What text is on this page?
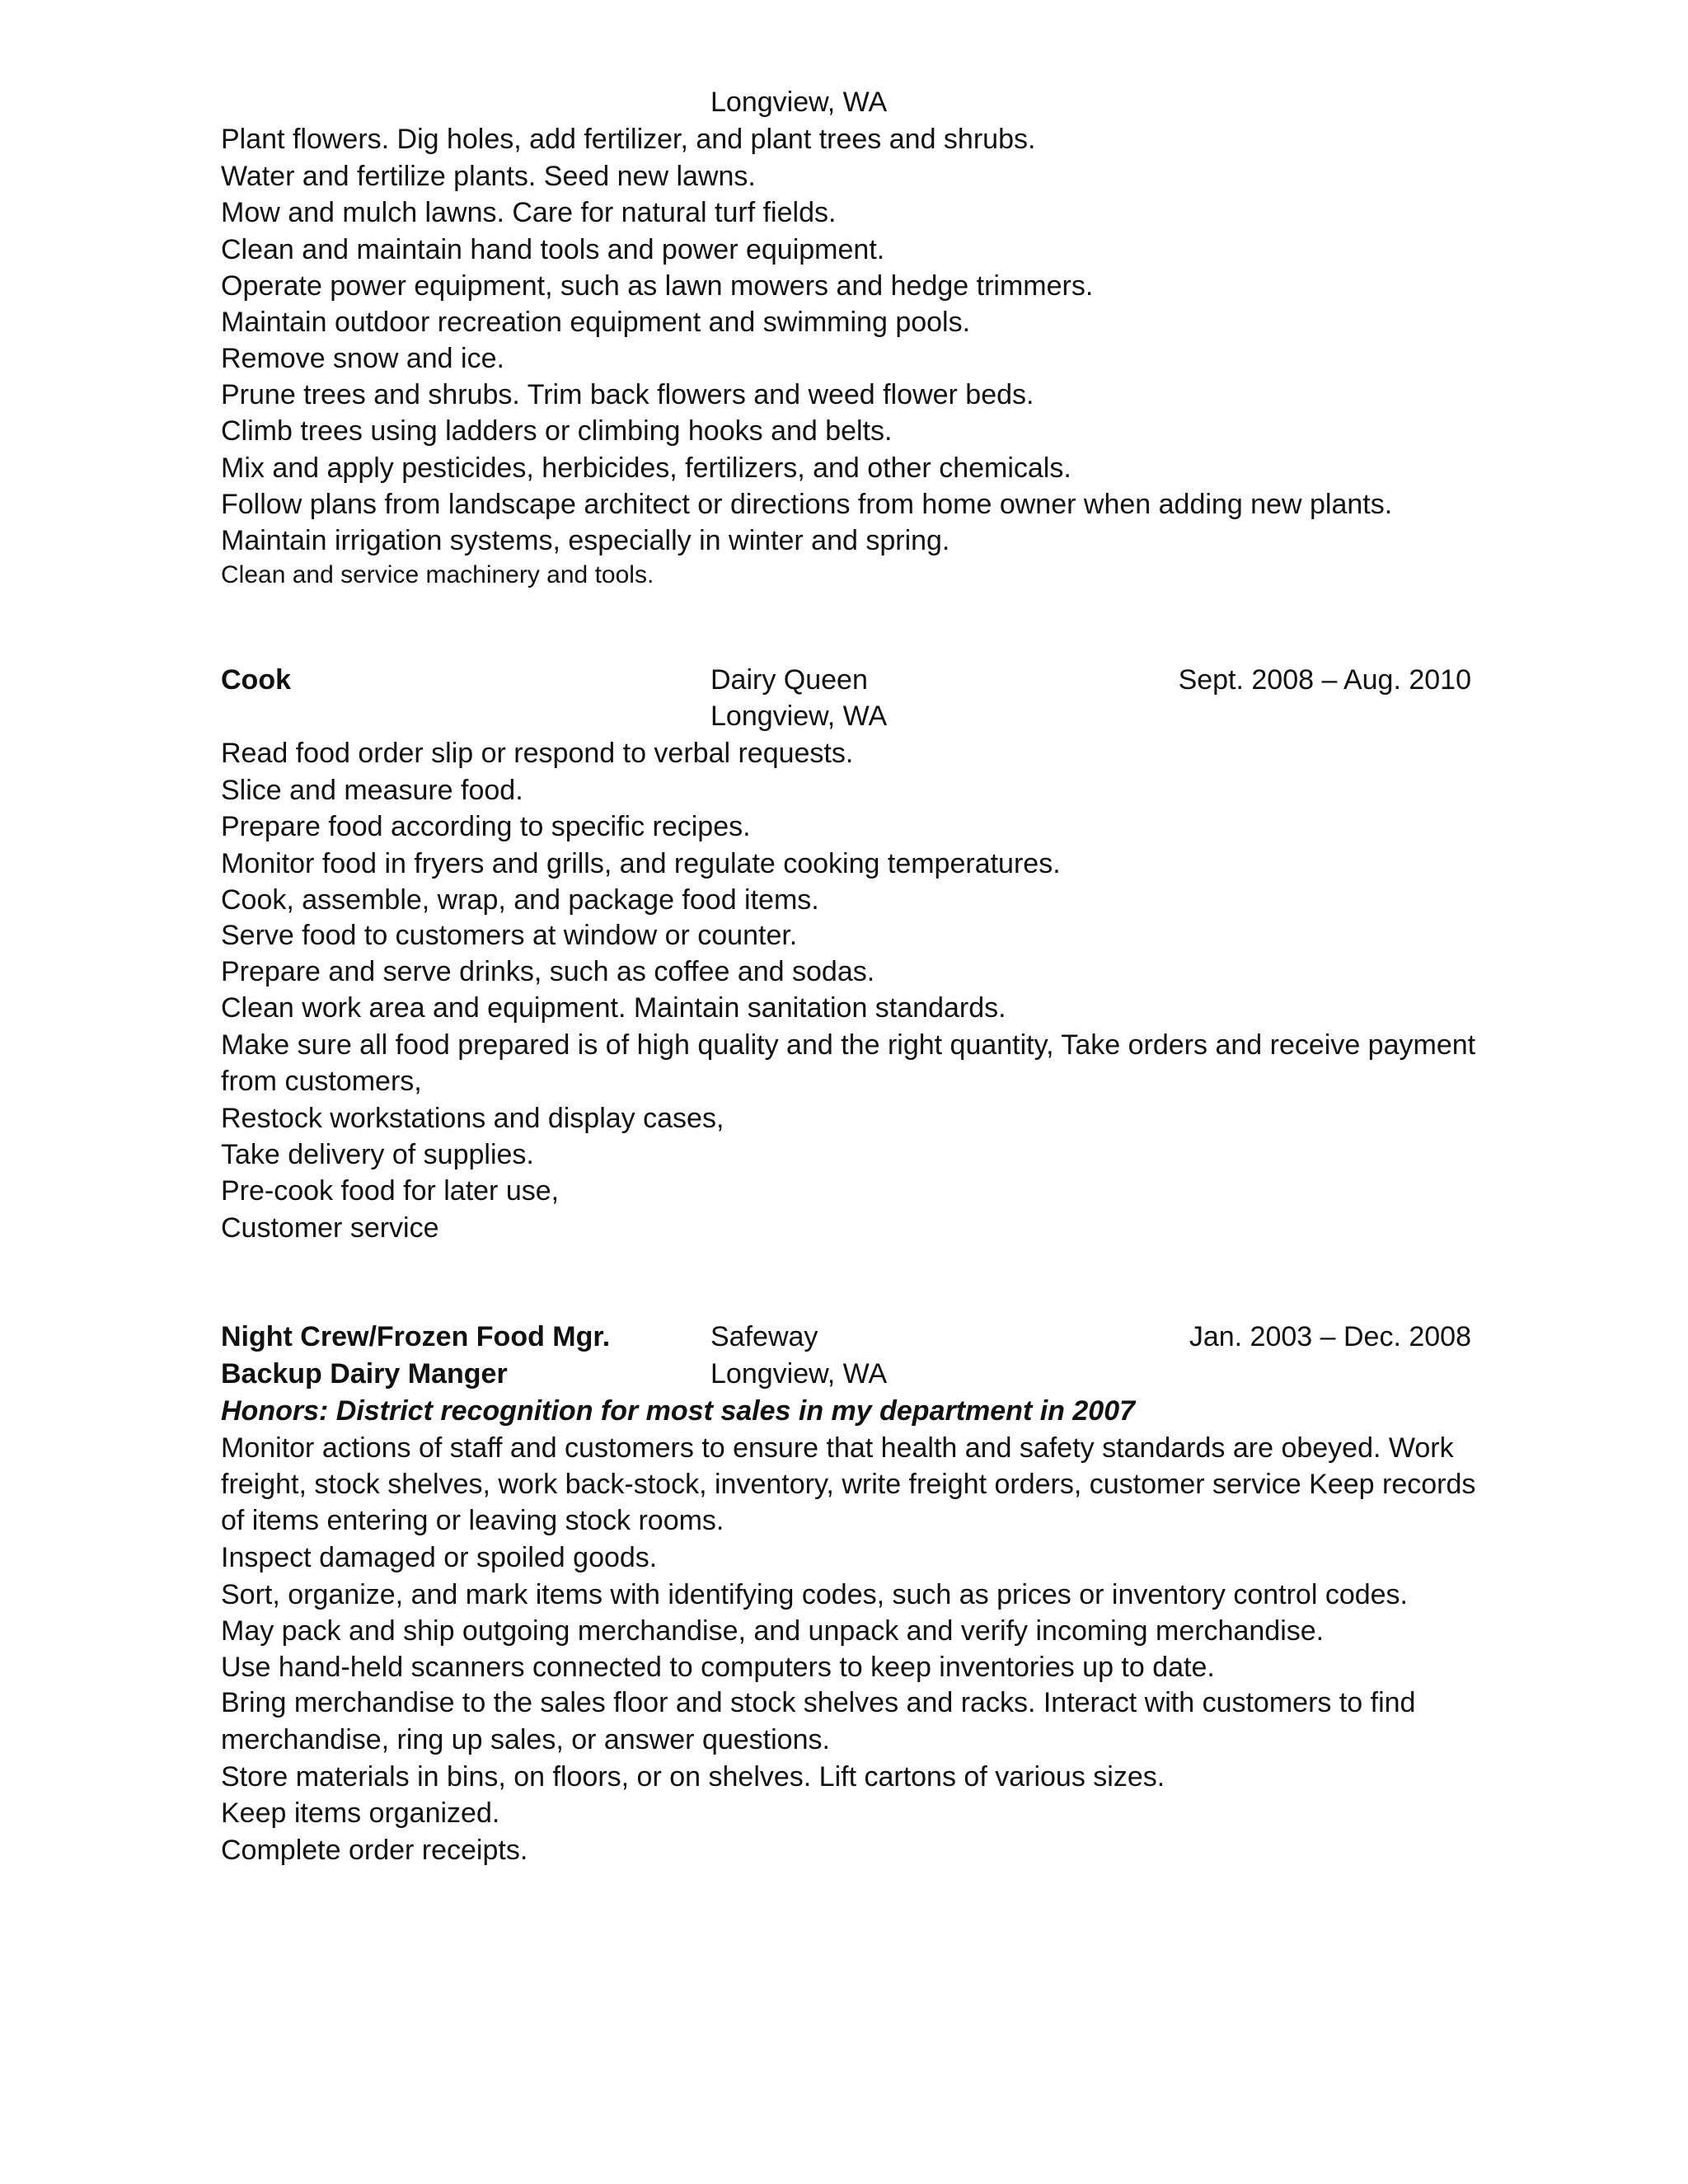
Longview, WA
Plant flowers. Dig holes, add fertilizer, and plant trees and shrubs.
Water and fertilize plants. Seed new lawns.
Mow and mulch lawns. Care for natural turf fields.
Clean and maintain hand tools and power equipment.
Operate power equipment, such as lawn mowers and hedge trimmers.
Maintain outdoor recreation equipment and swimming pools.
Remove snow and ice.
Prune trees and shrubs. Trim back flowers and weed flower beds.
Climb trees using ladders or climbing hooks and belts.
Mix and apply pesticides, herbicides, fertilizers, and other chemicals.
Follow plans from landscape architect or directions from home owner when adding new plants.
Maintain irrigation systems, especially in winter and spring.
Clean and service machinery and tools.
Cook	Dairy Queen	Sept. 2008 – Aug. 2010
Longview, WA
Read food order slip or respond to verbal requests.
Slice and measure food.
Prepare food according to specific recipes.
Monitor food in fryers and grills, and regulate cooking temperatures.
Cook, assemble, wrap, and package food items.
Serve food to customers at window or counter.
Prepare and serve drinks, such as coffee and sodas.
Clean work area and equipment. Maintain sanitation standards.
Make sure all food prepared is of high quality and the right quantity, Take orders and receive payment
from customers,
Restock workstations and display cases,
Take delivery of supplies.
Pre-cook food for later use,
Customer service
Night Crew/Frozen Food Mgr.	Safeway	Jan. 2003 – Dec. 2008
Backup Dairy Manger	Longview, WA
Honors: District recognition for most sales in my department in 2007
Monitor actions of staff and customers to ensure that health and safety standards are obeyed. Work
freight, stock shelves, work back-stock, inventory, write freight orders, customer service Keep records
of items entering or leaving stock rooms.
Inspect damaged or spoiled goods.
Sort, organize, and mark items with identifying codes, such as prices or inventory control codes.
May pack and ship outgoing merchandise, and unpack and verify incoming merchandise.
Use hand-held scanners connected to computers to keep inventories up to date.
Bring merchandise to the sales floor and stock shelves and racks. Interact with customers to find
merchandise, ring up sales, or answer questions.
Store materials in bins, on floors, or on shelves. Lift cartons of various sizes.
Keep items organized.
Complete order receipts.
